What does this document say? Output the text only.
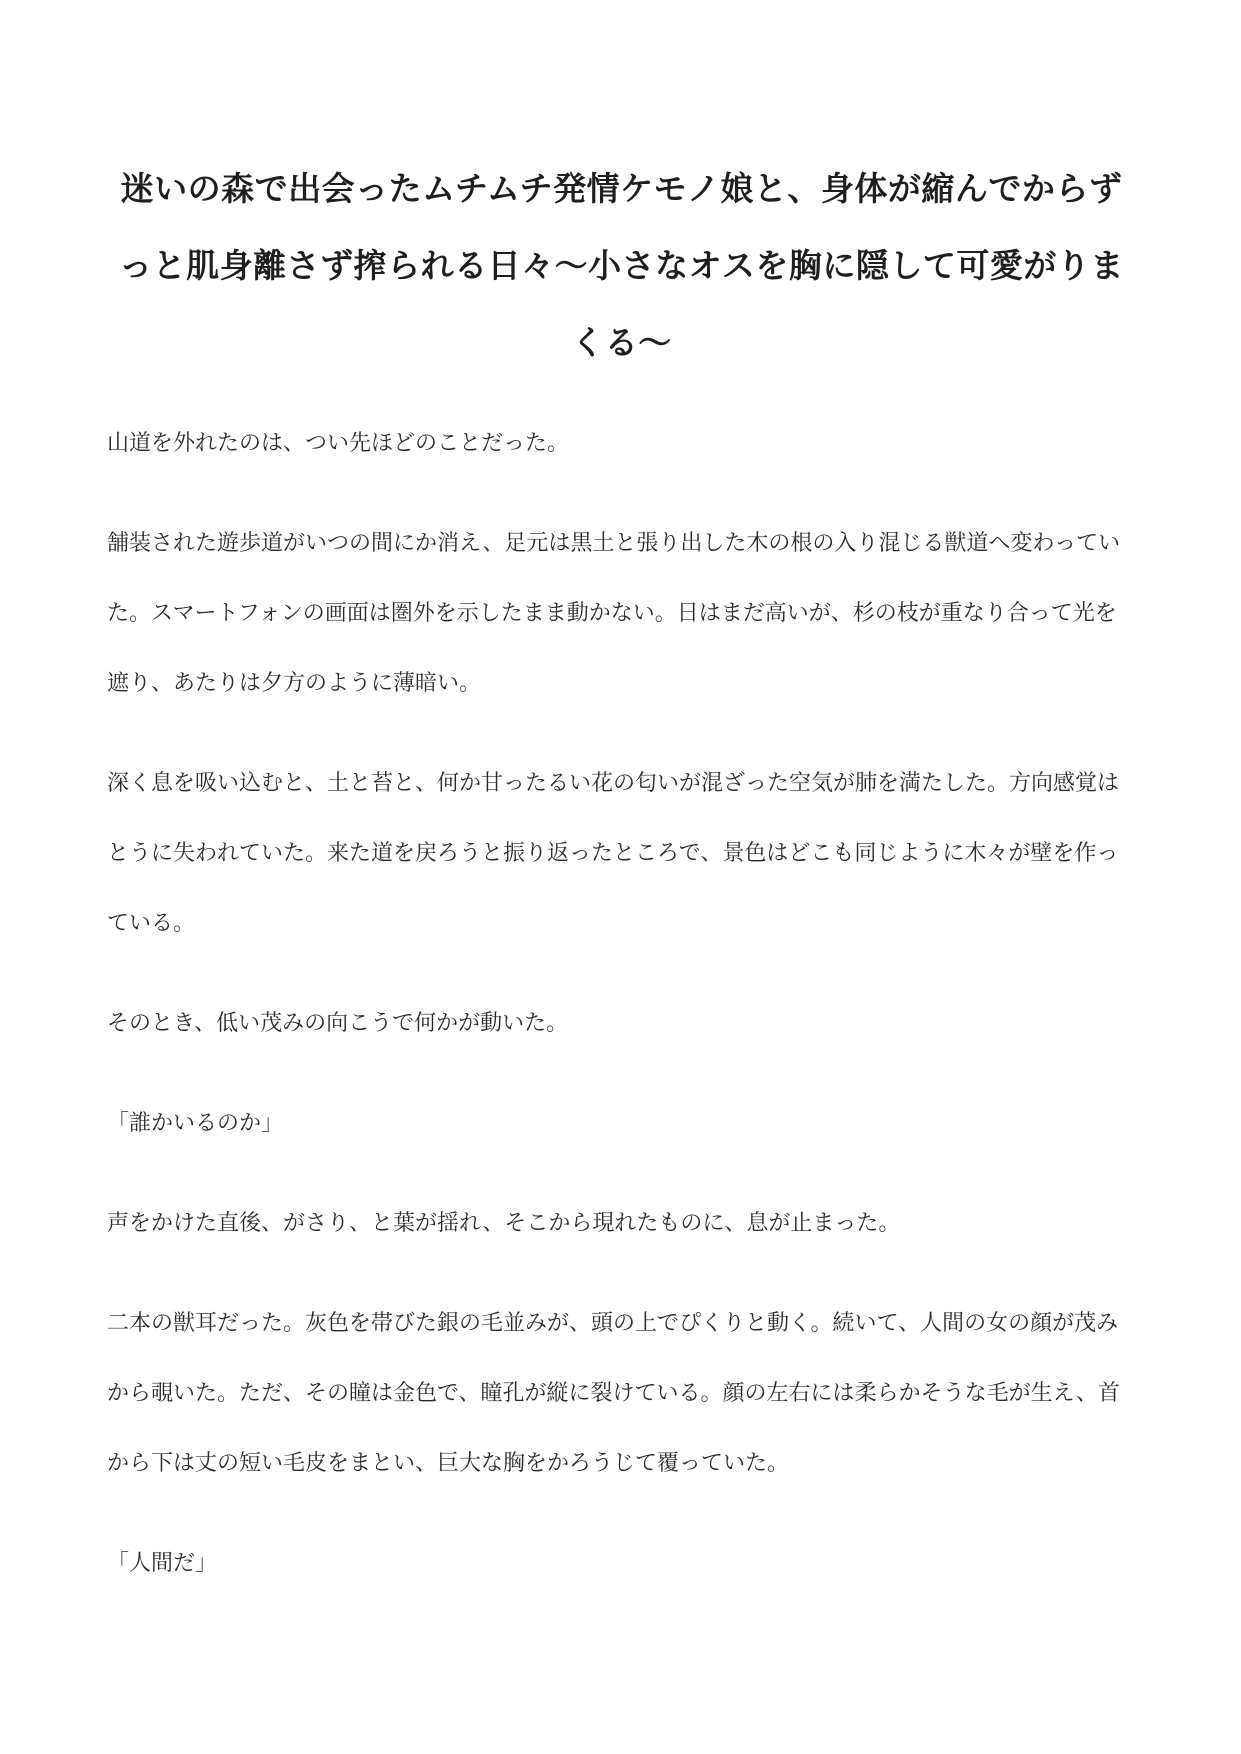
迷いの森で出会ったムチムチ発情ケモノ娘と、身体が縮んでからずっと肌身離さず搾られる日々～小さなオスを胸に隠して可愛がりまくる～

山道を外れたのは、つい先ほどのことだった。

舗装された遊歩道がいつの間にか消え、足元は黒土と張り出した木の根の入り混じる獣道へ変わっていた。スマートフォンの画面は圏外を示したまま動かない。日はまだ高いが、杉の枝が重なり合って光を遮り、あたりは夕方のように薄暗い。

深く息を吸い込むと、土と苔と、何か甘ったるい花の匂いが混ざった空気が肺を満たした。方向感覚はとうに失われていた。来た道を戻ろうと振り返ったところで、景色はどこも同じように木々が壁を作っている。

そのとき、低い茂みの向こうで何かが動いた。

「誰かいるのか」

声をかけた直後、がさり、と葉が揺れ、そこから現れたものに、息が止まった。

二本の獣耳だった。灰色を帯びた銀の毛並みが、頭の上でぴくりと動く。続いて、人間の女の顔が茂みから覗いた。ただ、その瞳は金色で、瞳孔が縦に裂けている。顔の左右には柔らかそうな毛が生え、首から下は丈の短い毛皮をまとい、巨大な胸をかろうじて覆っていた。

「人間だ」
